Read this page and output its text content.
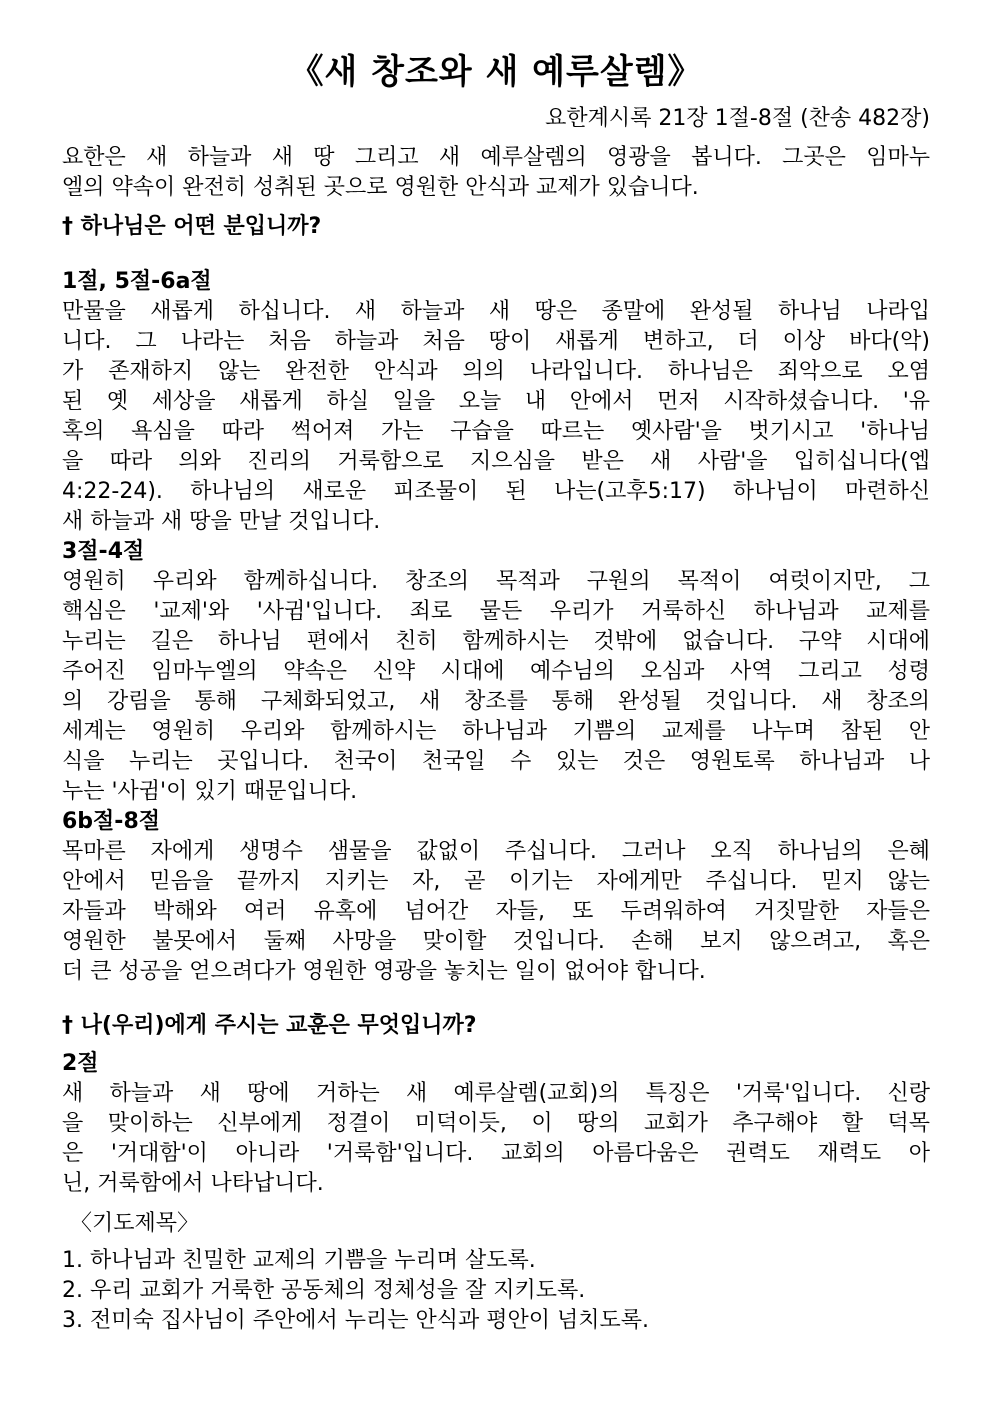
《새 창조와 새 예루살렘》
요한계시록 21장 1절-8절 (찬송 482장)
요한은 새 하늘과 새 땅 그리고 새 예루살렘의 영광을 봅니다. 그곳은 임마누
엘의 약속이 완전히 성취된 곳으로 영원한 안식과 교제가 있습니다.
† 하나님은 어떤 분입니까?
1절, 5절-6a절
만물을 새롭게 하십니다. 새 하늘과 새 땅은 종말에 완성될 하나님 나라입
니다. 그 나라는 처음 하늘과 처음 땅이 새롭게 변하고, 더 이상 바다(악)
가 존재하지 않는 완전한 안식과 의의 나라입니다. 하나님은 죄악으로 오염
된 옛 세상을 새롭게 하실 일을 오늘 내 안에서 먼저 시작하셨습니다. '유
혹의 욕심을 따라 썩어져 가는 구습을 따르는 옛사람'을 벗기시고 '하나님
을 따라 의와 진리의 거룩함으로 지으심을 받은 새 사람'을 입히십니다(엡
4:22-24). 하나님의 새로운 피조물이 된 나는(고후5:17) 하나님이 마련하신
새 하늘과 새 땅을 만날 것입니다.
3절-4절
영원히 우리와 함께하십니다. 창조의 목적과 구원의 목적이 여럿이지만, 그
핵심은 '교제'와 '사귐'입니다. 죄로 물든 우리가 거룩하신 하나님과 교제를
누리는 길은 하나님 편에서 친히 함께하시는 것밖에 없습니다. 구약 시대에
주어진 임마누엘의 약속은 신약 시대에 예수님의 오심과 사역 그리고 성령
의 강림을 통해 구체화되었고, 새 창조를 통해 완성될 것입니다. 새 창조의
세계는 영원히 우리와 함께하시는 하나님과 기쁨의 교제를 나누며 참된 안
식을 누리는 곳입니다. 천국이 천국일 수 있는 것은 영원토록 하나님과 나
누는 '사귐'이 있기 때문입니다.
6b절-8절
목마른 자에게 생명수 샘물을 값없이 주십니다. 그러나 오직 하나님의 은혜
안에서 믿음을 끝까지 지키는 자, 곧 이기는 자에게만 주십니다. 믿지 않는
자들과 박해와 여러 유혹에 넘어간 자들, 또 두려워하여 거짓말한 자들은
영원한 불못에서 둘째 사망을 맞이할 것입니다. 손해 보지 않으려고, 혹은
더 큰 성공을 얻으려다가 영원한 영광을 놓치는 일이 없어야 합니다.
† 나(우리)에게 주시는 교훈은 무엇입니까?
2절
새 하늘과 새 땅에 거하는 새 예루살렘(교회)의 특징은 '거룩'입니다. 신랑
을 맞이하는 신부에게 정결이 미덕이듯, 이 땅의 교회가 추구해야 할 덕목
은 '거대함'이 아니라 '거룩함'입니다. 교회의 아름다움은 권력도 재력도 아
닌, 거룩함에서 나타납니다.
〈기도제목〉
1. 하나님과 친밀한 교제의 기쁨을 누리며 살도록.
2. 우리 교회가 거룩한 공동체의 정체성을 잘 지키도록.
3. 전미숙 집사님이 주안에서 누리는 안식과 평안이 넘치도록.
